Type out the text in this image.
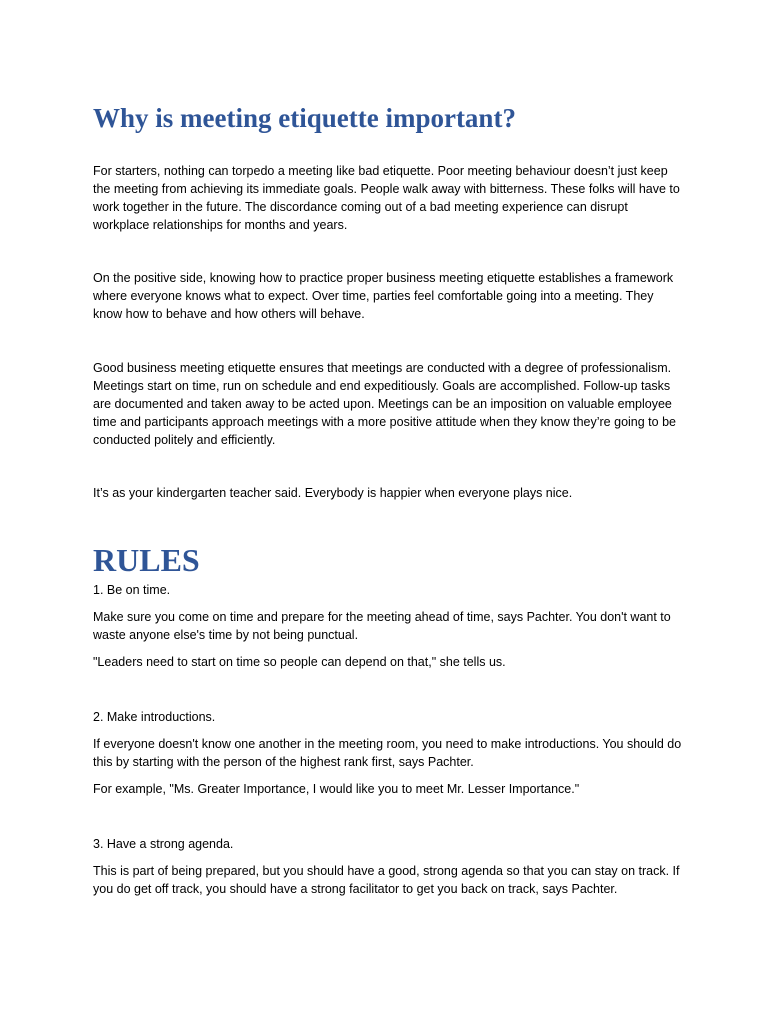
Why is meeting etiquette important?

For starters, nothing can torpedo a meeting like bad etiquette. Poor meeting behaviour doesn’t just keep the meeting from achieving its immediate goals. People walk away with bitterness. These folks will have to work together in the future. The discordance coming out of a bad meeting experience can disrupt workplace relationships for months and years.

On the positive side, knowing how to practice proper business meeting etiquette establishes a framework where everyone knows what to expect. Over time, parties feel comfortable going into a meeting. They know how to behave and how others will behave.

Good business meeting etiquette ensures that meetings are conducted with a degree of professionalism. Meetings start on time, run on schedule and end expeditiously. Goals are accomplished. Follow-up tasks are documented and taken away to be acted upon. Meetings can be an imposition on valuable employee time and participants approach meetings with a more positive attitude when they know they’re going to be conducted politely and efficiently.

It’s as your kindergarten teacher said. Everybody is happier when everyone plays nice.

RULES

1. Be on time.

Make sure you come on time and prepare for the meeting ahead of time, says Pachter. You don't want to waste anyone else's time by not being punctual.

"Leaders need to start on time so people can depend on that," she tells us.

2. Make introductions.

If everyone doesn't know one another in the meeting room, you need to make introductions. You should do this by starting with the person of the highest rank first, says Pachter.

For example, "Ms. Greater Importance, I would like you to meet Mr. Lesser Importance."

3. Have a strong agenda.

This is part of being prepared, but you should have a good, strong agenda so that you can stay on track. If you do get off track, you should have a strong facilitator to get you back on track, says Pachter.
